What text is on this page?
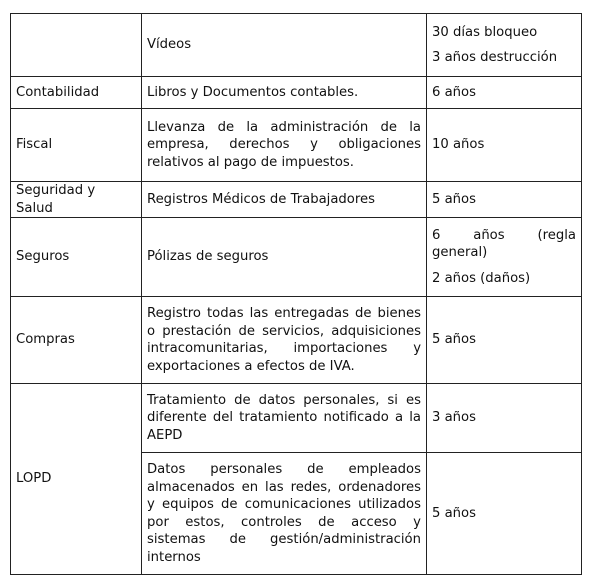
	Vídeos	30 días bloqueo
3 años destrucción

Contabilidad	Libros y Documentos contables.	6 años
Fiscal	Llevanza de la administración de la empresa, derechos y obligaciones relativos al pago de impuestos.	10 años
Seguridad y Salud	Registros Médicos de Trabajadores	5 años
Seguros	Pólizas de seguros	6 años (regla
general)
2 años (daños)

Compras	Registro todas las entregadas de bienes o prestación de servicios, adquisiciones intracomunitarias, importaciones y exportaciones a efectos de IVA.	5 años
LOPD	Tratamiento de datos personales, si es diferente del tratamiento notificado a la AEPD	3 años
	Datos personales de empleados almacenados en las redes, ordenadores y equipos de comunicaciones utilizados por estos, controles de acceso y sistemas de gestión/administración internos	5 años
